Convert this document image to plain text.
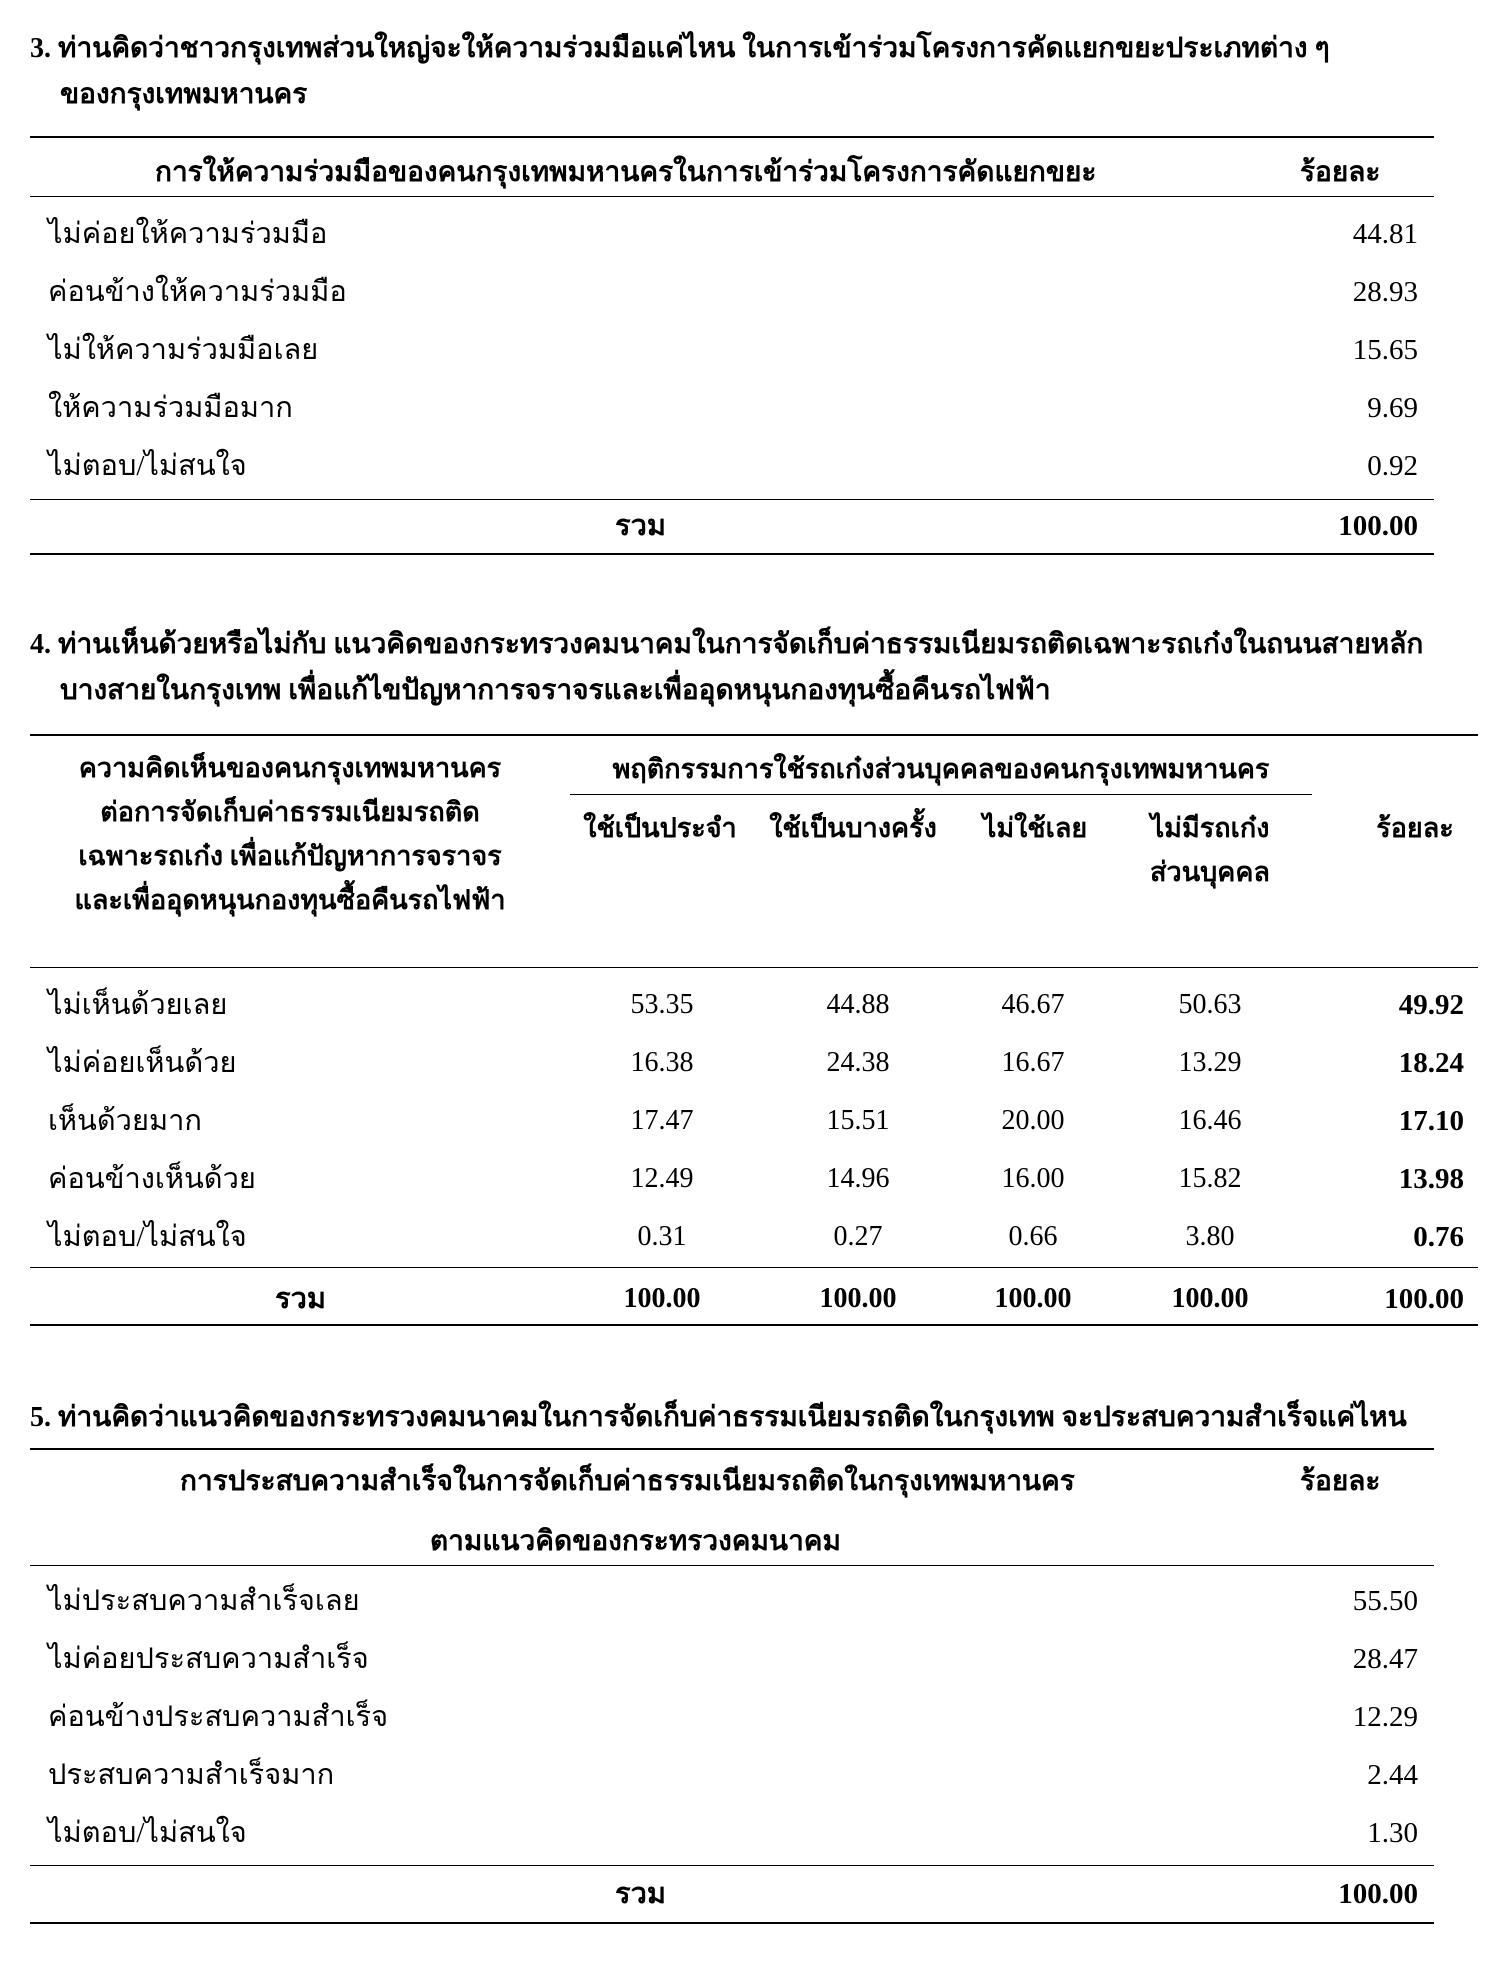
3. ท่านคิดว่าชาวกรุงเทพส่วนใหญ่จะให้ความร่วมมือแค่ไหน ในการเข้าร่วมโครงการคัดแยกขยะประเภทต่าง ๆ
ของกรุงเทพมหานคร
การให้ความร่วมมือของคนกรุงเทพมหานครในการเข้าร่วมโครงการคัดแยกขยะ	ร้อยละ
ไม่ค่อยให้ความร่วมมือ	44.81
ค่อนข้างให้ความร่วมมือ	28.93
ไม่ให้ความร่วมมือเลย	15.65
ให้ความร่วมมือมาก	9.69
ไม่ตอบ/ไม่สนใจ	0.92
รวม	100.00
4. ท่านเห็นด้วยหรือไม่กับ แนวคิดของกระทรวงคมนาคมในการจัดเก็บค่าธรรมเนียมรถติดเฉพาะรถเก๋งในถนนสายหลัก
บางสายในกรุงเทพ เพื่อแก้ไขปัญหาการจราจรและเพื่ออุดหนุนกองทุนซื้อคืนรถไฟฟ้า
ความคิดเห็นของคนกรุงเทพมหานคร
ต่อการจัดเก็บค่าธรรมเนียมรถติด
เฉพาะรถเก๋ง เพื่อแก้ปัญหาการจราจร
และเพื่ออุดหนุนกองทุนซื้อคืนรถไฟฟ้า
พฤติกรรมการใช้รถเก๋งส่วนบุคคลของคนกรุงเทพมหานคร
ใช้เป็นประจำ	ใช้เป็นบางครั้ง	ไม่ใช้เลย	ไม่มีรถเก๋ง
ส่วนบุคคล
ร้อยละ
ไม่เห็นด้วยเลย	53.35	44.88	46.67	50.63	49.92
ไม่ค่อยเห็นด้วย	16.38	24.38	16.67	13.29	18.24
เห็นด้วยมาก	17.47	15.51	20.00	16.46	17.10
ค่อนข้างเห็นด้วย	12.49	14.96	16.00	15.82	13.98
ไม่ตอบ/ไม่สนใจ	0.31	0.27	0.66	3.80	0.76
รวม	100.00	100.00	100.00	100.00	100.00
5. ท่านคิดว่าแนวคิดของกระทรวงคมนาคมในการจัดเก็บค่าธรรมเนียมรถติดในกรุงเทพ จะประสบความสำเร็จแค่ไหน
การประสบความสำเร็จในการจัดเก็บค่าธรรมเนียมรถติดในกรุงเทพมหานคร
ตามแนวคิดของกระทรวงคมนาคม
ร้อยละ
ไม่ประสบความสำเร็จเลย	55.50
ไม่ค่อยประสบความสำเร็จ	28.47
ค่อนข้างประสบความสำเร็จ	12.29
ประสบความสำเร็จมาก	2.44
ไม่ตอบ/ไม่สนใจ	1.30
รวม	100.00
